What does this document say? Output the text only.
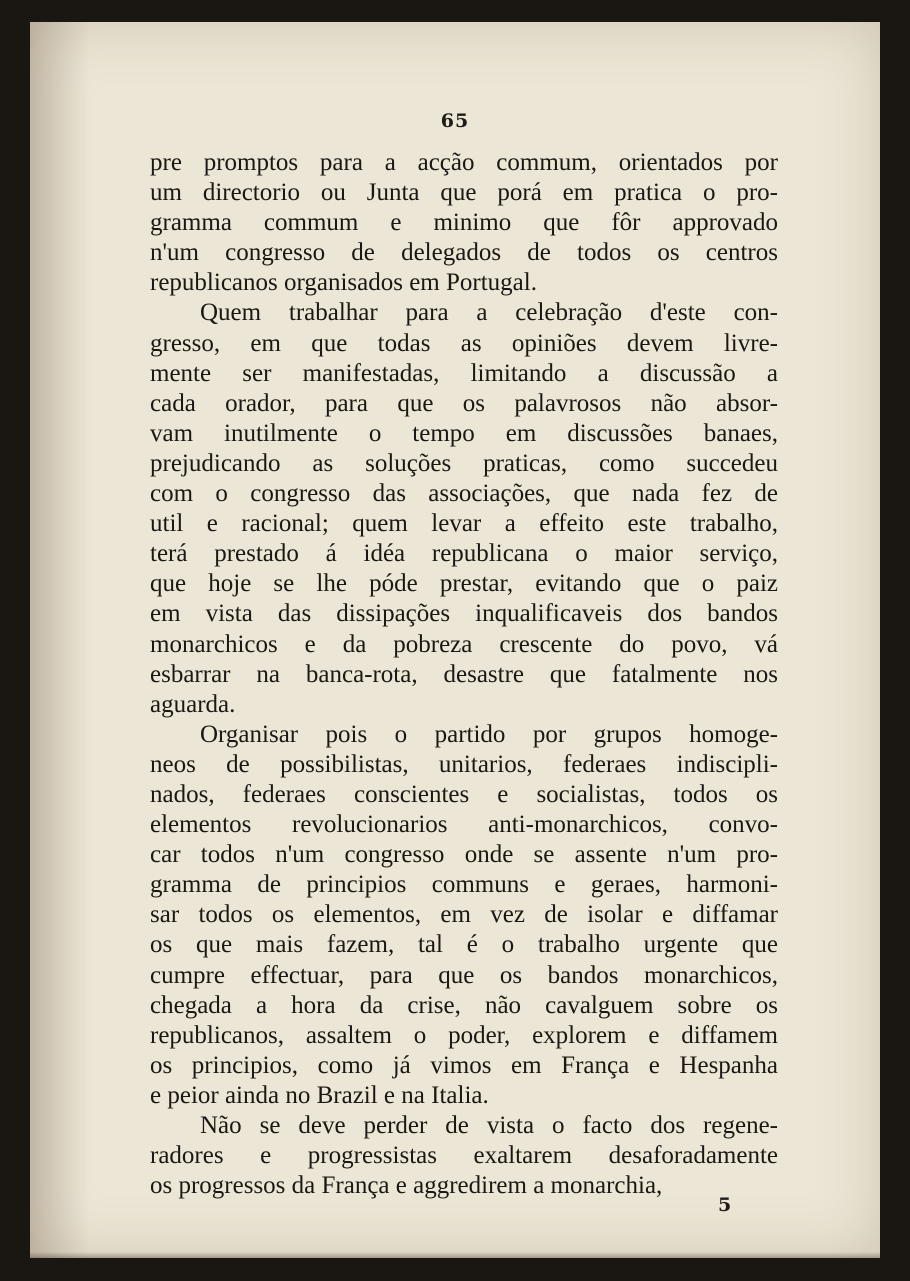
65
pre promptos para a acção commum, orientados por
um directorio ou Junta que porá em pratica o pro-
gramma commum e minimo que fôr approvado
n'um congresso de delegados de todos os centros
republicanos organisados em Portugal.
Quem trabalhar para a celebração d'este con-
gresso, em que todas as opiniões devem livre-
mente ser manifestadas, limitando a discussão a
cada orador, para que os palavrosos não absor-
vam inutilmente o tempo em discussões banaes,
prejudicando as soluções praticas, como succedeu
com o congresso das associações, que nada fez de
util e racional; quem levar a effeito este trabalho,
terá prestado á idéa republicana o maior serviço,
que hoje se lhe póde prestar, evitando que o paiz
em vista das dissipações inqualificaveis dos bandos
monarchicos e da pobreza crescente do povo, vá
esbarrar na banca-rota, desastre que fatalmente nos
aguarda.
Organisar pois o partido por grupos homoge-
neos de possibilistas, unitarios, federaes indiscipli-
nados, federaes conscientes e socialistas, todos os
elementos revolucionarios anti-monarchicos, convo-
car todos n'um congresso onde se assente n'um pro-
gramma de principios communs e geraes, harmoni-
sar todos os elementos, em vez de isolar e diffamar
os que mais fazem, tal é o trabalho urgente que
cumpre effectuar, para que os bandos monarchicos,
chegada a hora da crise, não cavalguem sobre os
republicanos, assaltem o poder, explorem e diffamem
os principios, como já vimos em França e Hespanha
e peior ainda no Brazil e na Italia.
Não se deve perder de vista o facto dos regene-
radores e progressistas exaltarem desaforadamente
os progressos da França e aggredirem a monarchia,
5
